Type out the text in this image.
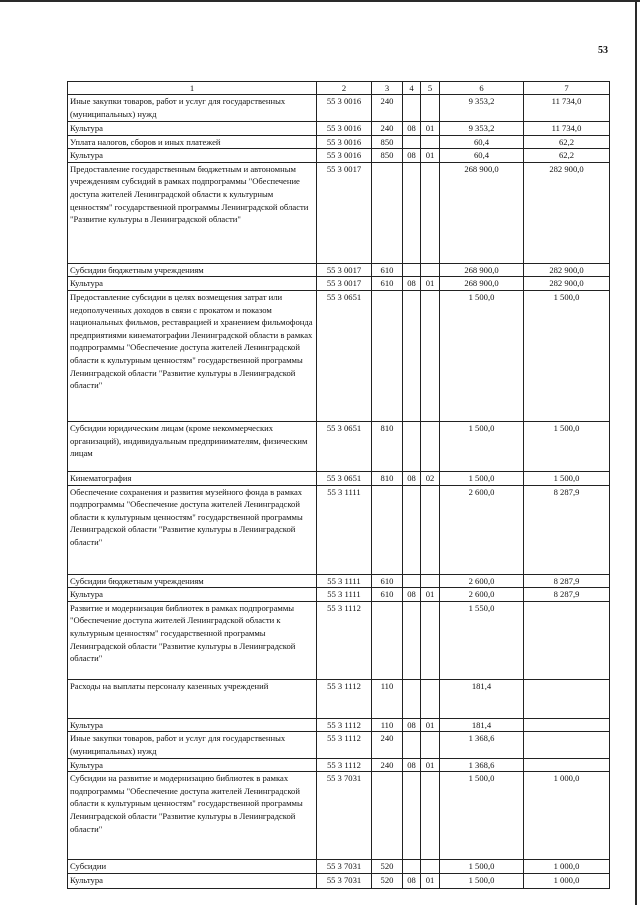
53
1	2	3	4	5	6	7
Иные закупки товаров, работ и услуг для государственных (муниципальных) нужд	55 3 0016	240			9 353,2	11 734,0
Культура	55 3 0016	240	08	01	9 353,2	11 734,0
Уплата налогов, сборов и иных платежей	55 3 0016	850			60,4	62,2
Культура	55 3 0016	850	08	01	60,4	62,2
Предоставление государственным бюджетным и автономным учреждениям субсидий в рамках подпрограммы "Обеспечение доступа жителей Ленинградской области к культурным ценностям" государственной программы Ленинградской области "Развитие культуры в Ленинградской области"	55 3 0017				268 900,0	282 900,0
Субсидии бюджетным учреждениям	55 3 0017	610			268 900,0	282 900,0
Культура	55 3 0017	610	08	01	268 900,0	282 900,0
Предоставление субсидии в целях возмещения затрат или недополученных доходов в связи с прокатом и показом национальных фильмов, реставрацией и хранением фильмофонда предприятиями кинематографии Ленинградской области в рамках подпрограммы "Обеспечение доступа жителей Ленинградской области к культурным ценностям" государственной программы Ленинградской области "Развитие культуры в Ленинградской области"	55 3 0651				1 500,0	1 500,0
Субсидии юридическим лицам (кроме некоммерческих организаций), индивидуальным предпринимателям, физическим лицам	55 3 0651	810			1 500,0	1 500,0
Кинематография	55 3 0651	810	08	02	1 500,0	1 500,0
Обеспечение сохранения и развития музейного фонда в рамках подпрограммы "Обеспечение доступа жителей Ленинградской области к культурным ценностям" государственной программы Ленинградской области "Развитие культуры в Ленинградской области"	55 3 1111				2 600,0	8 287,9
Субсидии бюджетным учреждениям	55 3 1111	610			2 600,0	8 287,9
Культура	55 3 1111	610	08	01	2 600,0	8 287,9
Развитие и модернизация библиотек в рамках подпрограммы "Обеспечение доступа жителей Ленинградской области к культурным ценностям" государственной программы Ленинградской области "Развитие культуры в Ленинградской области"	55 3 1112				1 550,0	
Расходы на выплаты персоналу казенных учреждений	55 3 1112	110			181,4	
Культура	55 3 1112	110	08	01	181,4	
Иные закупки товаров, работ и услуг для государственных (муниципальных) нужд	55 3 1112	240			1 368,6	
Культура	55 3 1112	240	08	01	1 368,6	
Субсидии на развитие и модернизацию библиотек в рамках подпрограммы "Обеспечение доступа жителей Ленинградской области к культурным ценностям" государственной программы Ленинградской области "Развитие культуры в Ленинградской области"	55 3 7031				1 500,0	1 000,0
Субсидии	55 3 7031	520			1 500,0	1 000,0
Культура	55 3 7031	520	08	01	1 500,0	1 000,0
